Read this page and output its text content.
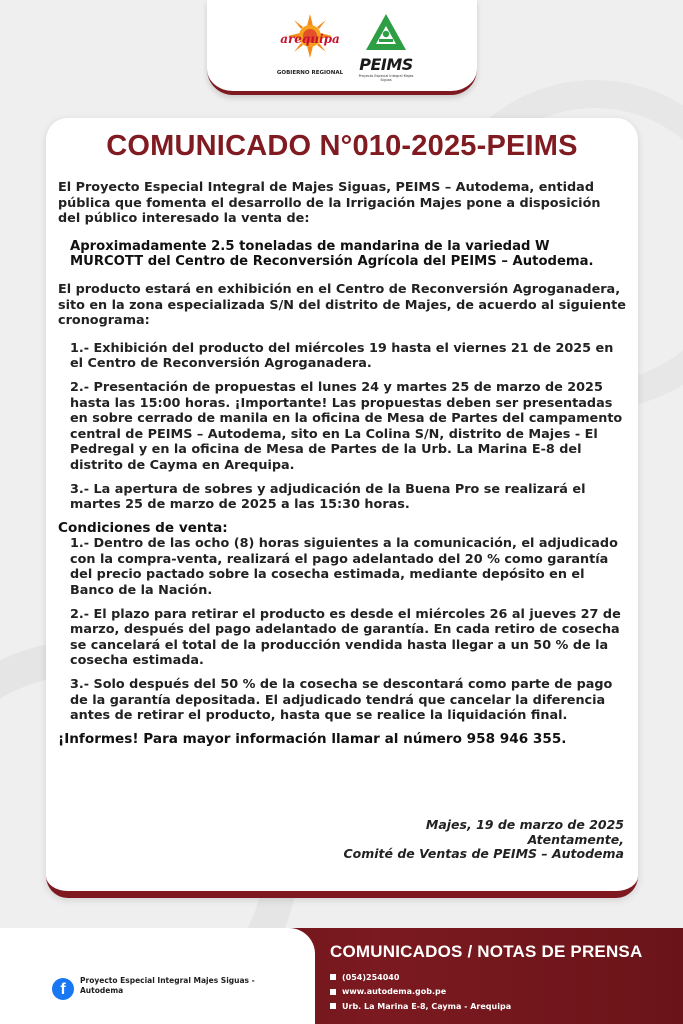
arequipa
GOBIERNO REGIONAL	PEIMS
Proyecto Especial Integral Majes Siguas
COMUNICADO N°010-2025-PEIMS

El Proyecto Especial Integral de Majes Siguas, PEIMS – Autodema, entidad pública que fomenta el desarrollo de la Irrigación Majes pone a disposición del público interesado la venta de:

Aproximadamente 2.5 toneladas de mandarina de la variedad W MURCOTT del Centro de Reconversión Agrícola del PEIMS – Autodema.

El producto estará en exhibición en el Centro de Reconversión Agroganadera, sito en la zona especializada S/N del distrito de Majes, de acuerdo al siguiente cronograma:

1.- Exhibición del producto del miércoles 19 hasta el viernes 21 de 2025 en el Centro de Reconversión Agroganadera.

2.- Presentación de propuestas el lunes 24 y martes 25 de marzo de 2025 hasta las 15:00 horas. ¡Importante! Las propuestas deben ser presentadas en sobre cerrado de manila en la oficina de Mesa de Partes del campamento central de PEIMS – Autodema, sito en La Colina S/N, distrito de Majes - El Pedregal y en la oficina de Mesa de Partes de la Urb. La Marina E-8 del distrito de Cayma en Arequipa.

3.- La apertura de sobres y adjudicación de la Buena Pro se realizará el martes 25 de marzo de 2025 a las 15:30 horas.

Condiciones de venta:

1.- Dentro de las ocho (8) horas siguientes a la comunicación, el adjudicado con la compra-venta, realizará el pago adelantado del 20 % como garantía del precio pactado sobre la cosecha estimada, mediante depósito en el Banco de la Nación.

2.- El plazo para retirar el producto es desde el miércoles 26 al jueves 27 de marzo, después del pago adelantado de garantía. En cada retiro de cosecha se cancelará el total de la producción vendida hasta llegar a un 50 % de la cosecha estimada.

3.- Solo después del 50 % de la cosecha se descontará como parte de pago de la garantía depositada. El adjudicado tendrá que cancelar la diferencia antes de retirar el producto, hasta que se realice la liquidación final.

¡Informes! Para mayor información llamar al número 958 946 355.

Majes, 19 de marzo de 2025
Atentamente,
Comité de Ventas de PEIMS – Autodema
f
Proyecto Especial Integral Majes Siguas - Autodema
COMUNICADOS / NOTAS DE PRENSA
(054)254040
www.autodema.gob.pe
Urb. La Marina E-8, Cayma - Arequipa
